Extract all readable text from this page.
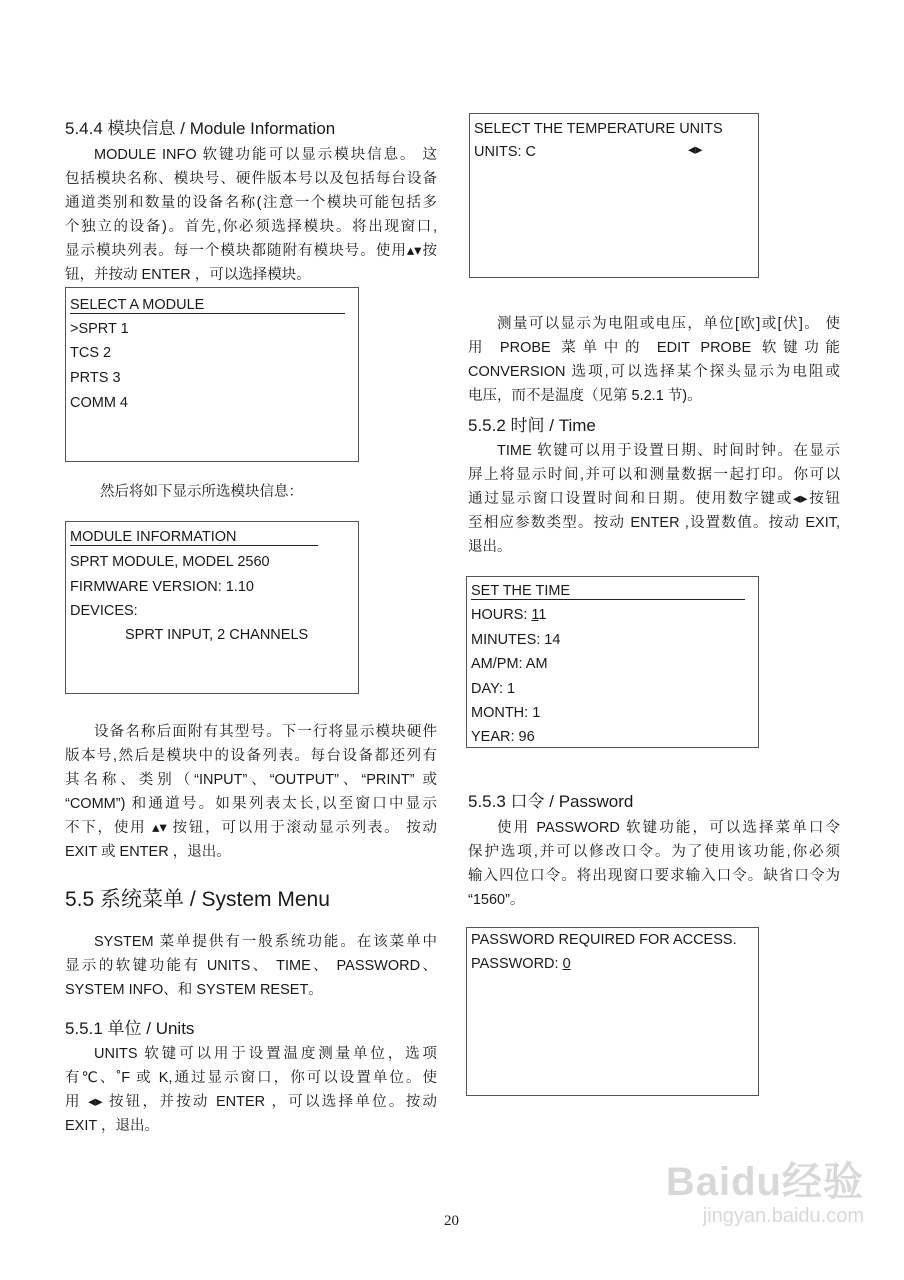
5.4.4 模块信息 / Module Information
MODULE INFO 软键功能可以显示模块信息。 这
包括模块名称、模块号、硬件版本号以及包括每台设备
通道类别和数量的设备名称(注意一个模块可能包括多
个独立的设备)。首先,你必须选择模块。将出现窗口,
显示模块列表。每一个模块都随附有模块号。使用▴▾按
钮，并按动 ENTER ，可以选择模块。
SELECT A MODULE
>SPRT 1
TCS 2
PRTS 3
COMM 4
然后将如下显示所选模块信息：
MODULE INFORMATION
SPRT MODULE, MODEL 2560
FIRMWARE VERSION: 1.10
DEVICES:
SPRT INPUT, 2 CHANNELS
设备名称后面附有其型号。下一行将显示模块硬件
版本号,然后是模块中的设备列表。每台设备都还列有
其名称、类别（“INPUT”、“OUTPUT”、“PRINT” 或
“COMM”) 和通道号。如果列表太长,以至窗口中显示
不下，使用 ▴▾ 按钮，可以用于滚动显示列表。 按动
EXIT 或 ENTER ，退出。
5.5 系统菜单 / System Menu
SYSTEM 菜单提供有一般系统功能。在该菜单中
显示的软键功能有 UNITS、 TIME、 PASSWORD、
SYSTEM INFO、和 SYSTEM RESET。
5.5.1 单位 / Units
UNITS 软键可以用于设置温度测量单位，选项
有℃、˚F 或 K,通过显示窗口，你可以设置单位。使
用 ◂▸ 按钮，并按动 ENTER ，可以选择单位。按动
EXIT ，退出。
SELECT THE TEMPERATURE UNITS
UNITS: C	◂▸
测量可以显示为电阻或电压，单位[欧]或[伏]。 使
用 PROBE 菜单中的 EDIT PROBE 软键功能
CONVERSION 选项,可以选择某个探头显示为电阻或
电压，而不是温度（见第 5.2.1 节)。
5.5.2 时间 / Time
TIME 软键可以用于设置日期、时间时钟。在显示
屏上将显示时间,并可以和测量数据一起打印。你可以
通过显示窗口设置时间和日期。使用数字键或◂▸按钮
至相应参数类型。按动 ENTER ,设置数值。按动 EXIT,
退出。
SET THE TIME
HOURS: 11
MINUTES: 14
AM/PM: AM
DAY: 1
MONTH: 1
YEAR: 96
5.5.3 口令 / Password
使用 PASSWORD 软键功能，可以选择菜单口令
保护选项,并可以修改口令。为了使用该功能,你必须
输入四位口令。将出现窗口要求输入口令。缺省口令为
“1560”。
PASSWORD REQUIRED FOR ACCESS.
PASSWORD: 0
20
Baidu经验
jingyan.baidu.com
